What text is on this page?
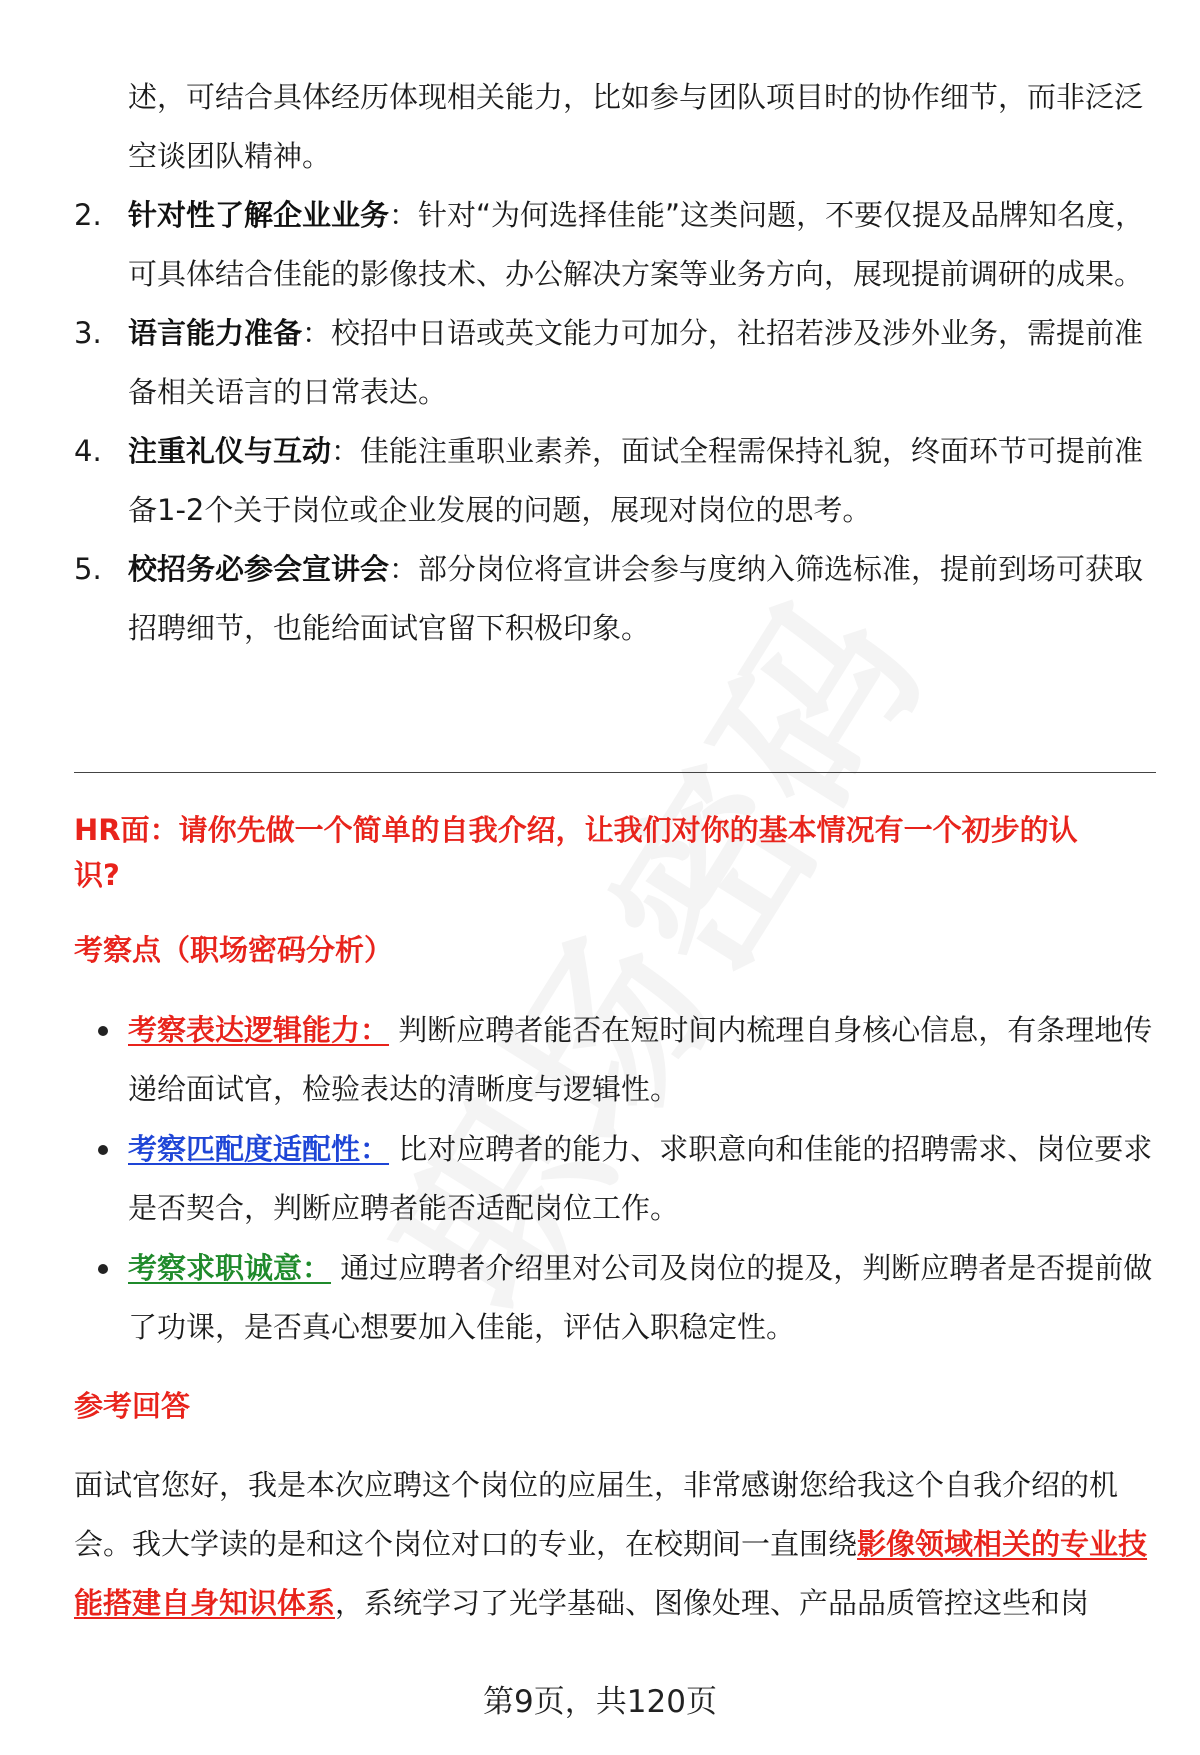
述，可结合具体经历体现相关能力，比如参与团队项目时的协作细节，而非泛泛空谈团队精神。

2. 针对性了解企业业务：针对“为何选择佳能”这类问题，不要仅提及品牌知名度，可具体结合佳能的影像技术、办公解决方案等业务方向，展现提前调研的成果。
3. 语言能力准备：校招中日语或英文能力可加分，社招若涉及涉外业务，需提前准备相关语言的日常表达。
4. 注重礼仪与互动：佳能注重职业素养，面试全程需保持礼貌，终面环节可提前准备1-2个关于岗位或企业发展的问题，展现对岗位的思考。
5. 校招务必参会宣讲会：部分岗位将宣讲会参与度纳入筛选标准，提前到场可获取招聘细节，也能给面试官留下积极印象。
HR面：请你先做一个简单的自我介绍，让我们对你的基本情况有一个初步的认识?
考察点（职场密码分析）
考察表达逻辑能力： 判断应聘者能否在短时间内梳理自身核心信息，有条理地传递给面试官，检验表达的清晰度与逻辑性。
考察匹配度适配性： 比对应聘者的能力、求职意向和佳能的招聘需求、岗位要求是否契合，判断应聘者能否适配岗位工作。
考察求职诚意： 通过应聘者介绍里对公司及岗位的提及，判断应聘者是否提前做了功课，是否真心想要加入佳能，评估入职稳定性。
参考回答
面试官您好，我是本次应聘这个岗位的应届生，非常感谢您给我这个自我介绍的机会。我大学读的是和这个岗位对口的专业，在校期间一直围绕影像领域相关的专业技能搭建自身知识体系，系统学习了光学基础、图像处理、产品品质管控这些和岗
第9页，共120页
